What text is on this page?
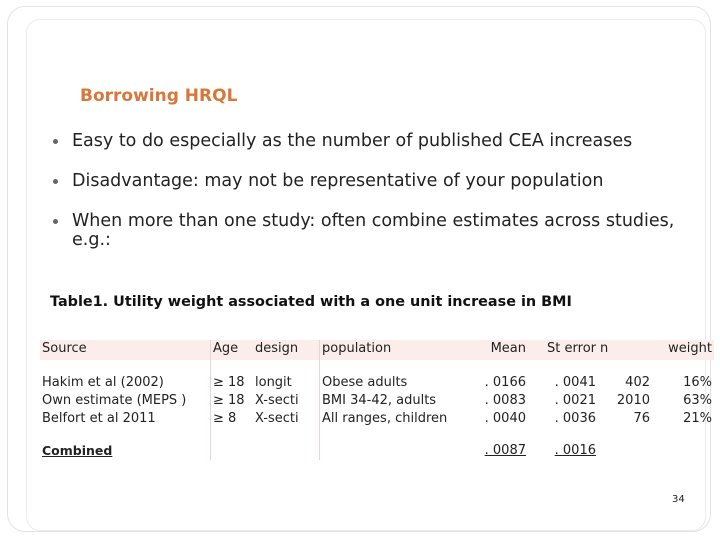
Borrowing HRQL
Easy to do especially as the number of published CEA increases
Disadvantage: may not be representative of your population
When more than one study: often combine estimates across studies, e.g.:
Table1. Utility weight associated with a one unit increase in BMI
Source	Age	design	population	Mean	St error	n	weight

Hakim et al (2002)	≥ 18	longit	Obese adults	. 0166	. 0041	402	16%
Own estimate (MEPS )	≥ 18	X-secti	BMI 34-42, adults	. 0083	. 0021	2010	63%
Belfort et al 2011	≥ 8	X-secti	All ranges, children	. 0040	. 0036	76	21%

Combined				. 0087	. 0016		
34
